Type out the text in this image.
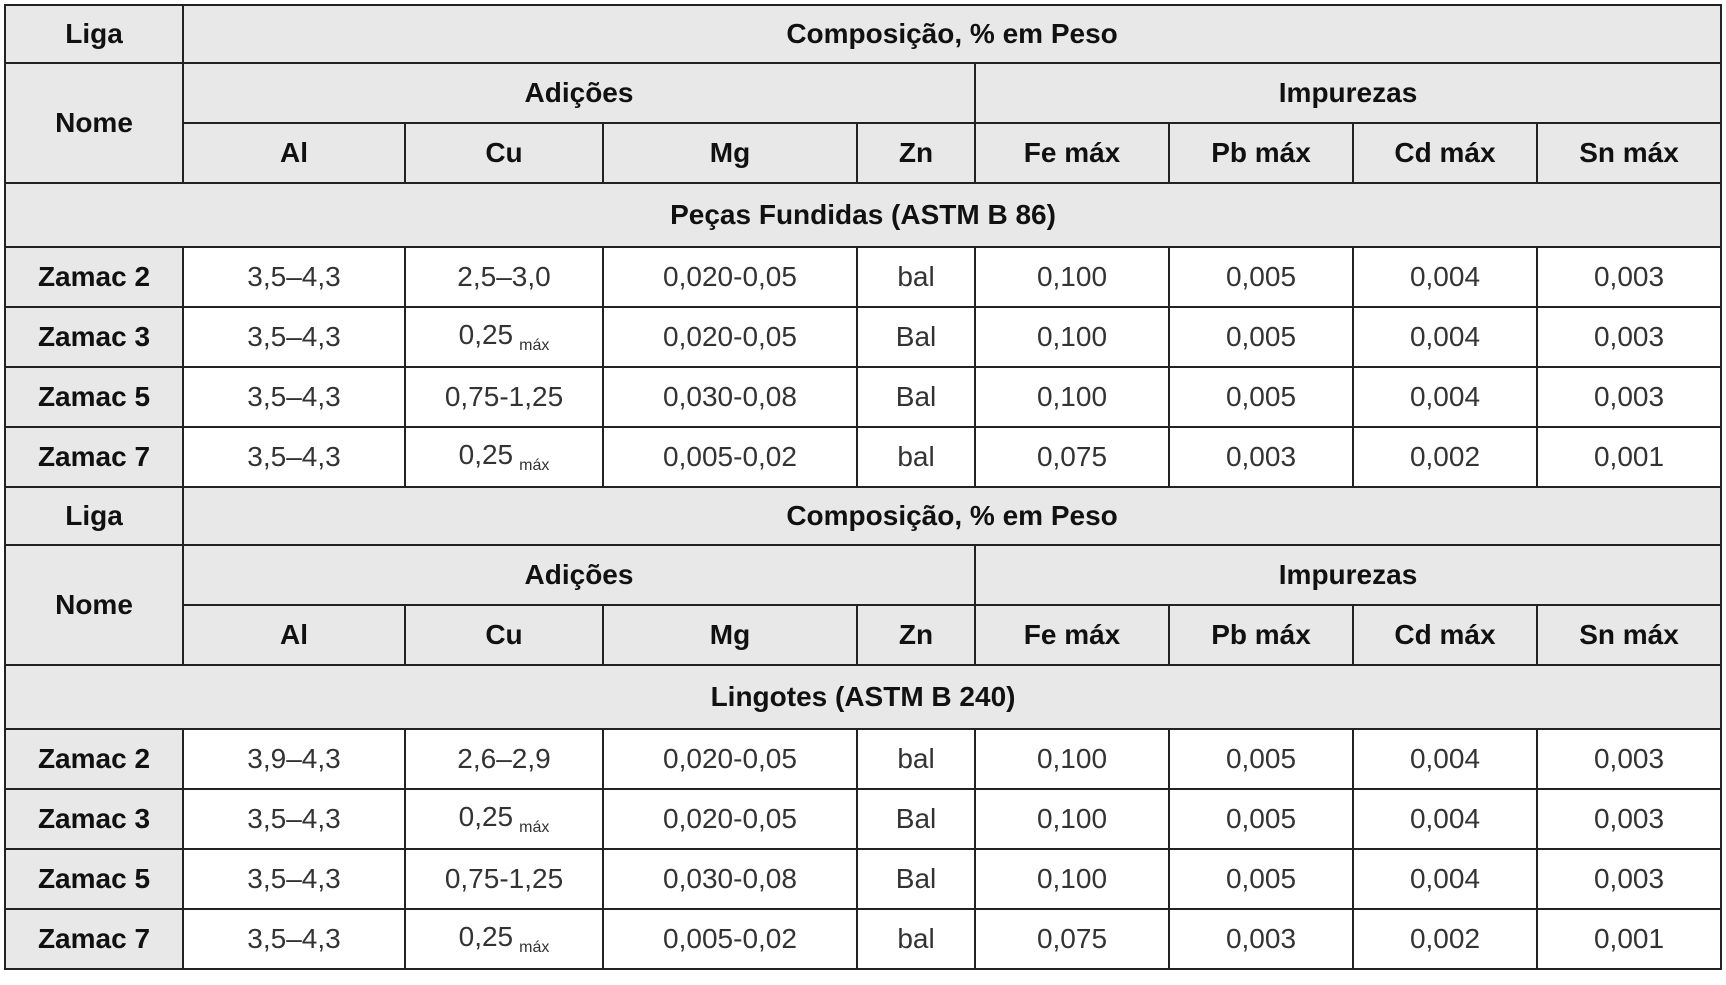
Liga	Composição, % em Peso							
Nome	Adições				Impurezas			
	Al	Cu	Mg	Zn	Fe máx	Pb máx	Cd máx	Sn máx
Peças Fundidas (ASTM B 86)								
Zamac 2	3,5–4,3	2,5–3,0	0,020-0,05	bal	0,100	0,005	0,004	0,003
Zamac 3	3,5–4,3	0,25 $_{máx}$	0,020-0,05	Bal	0,100	0,005	0,004	0,003
Zamac 5	3,5–4,3	0,75-1,25	0,030-0,08	Bal	0,100	0,005	0,004	0,003
Zamac 7	3,5–4,3	0,25 $_{máx}$	0,005-0,02	bal	0,075	0,003	0,002	0,001
Liga	Composição, % em Peso							
Nome	Adições				Impurezas			
	Al	Cu	Mg	Zn	Fe máx	Pb máx	Cd máx	Sn máx
Lingotes (ASTM B 240)								
Zamac 2	3,9–4,3	2,6–2,9	0,020-0,05	bal	0,100	0,005	0,004	0,003
Zamac 3	3,5–4,3	0,25 $_{máx}$	0,020-0,05	Bal	0,100	0,005	0,004	0,003
Zamac 5	3,5–4,3	0,75-1,25	0,030-0,08	Bal	0,100	0,005	0,004	0,003
Zamac 7	3,5–4,3	0,25 $_{máx}$	0,005-0,02	bal	0,075	0,003	0,002	0,001
